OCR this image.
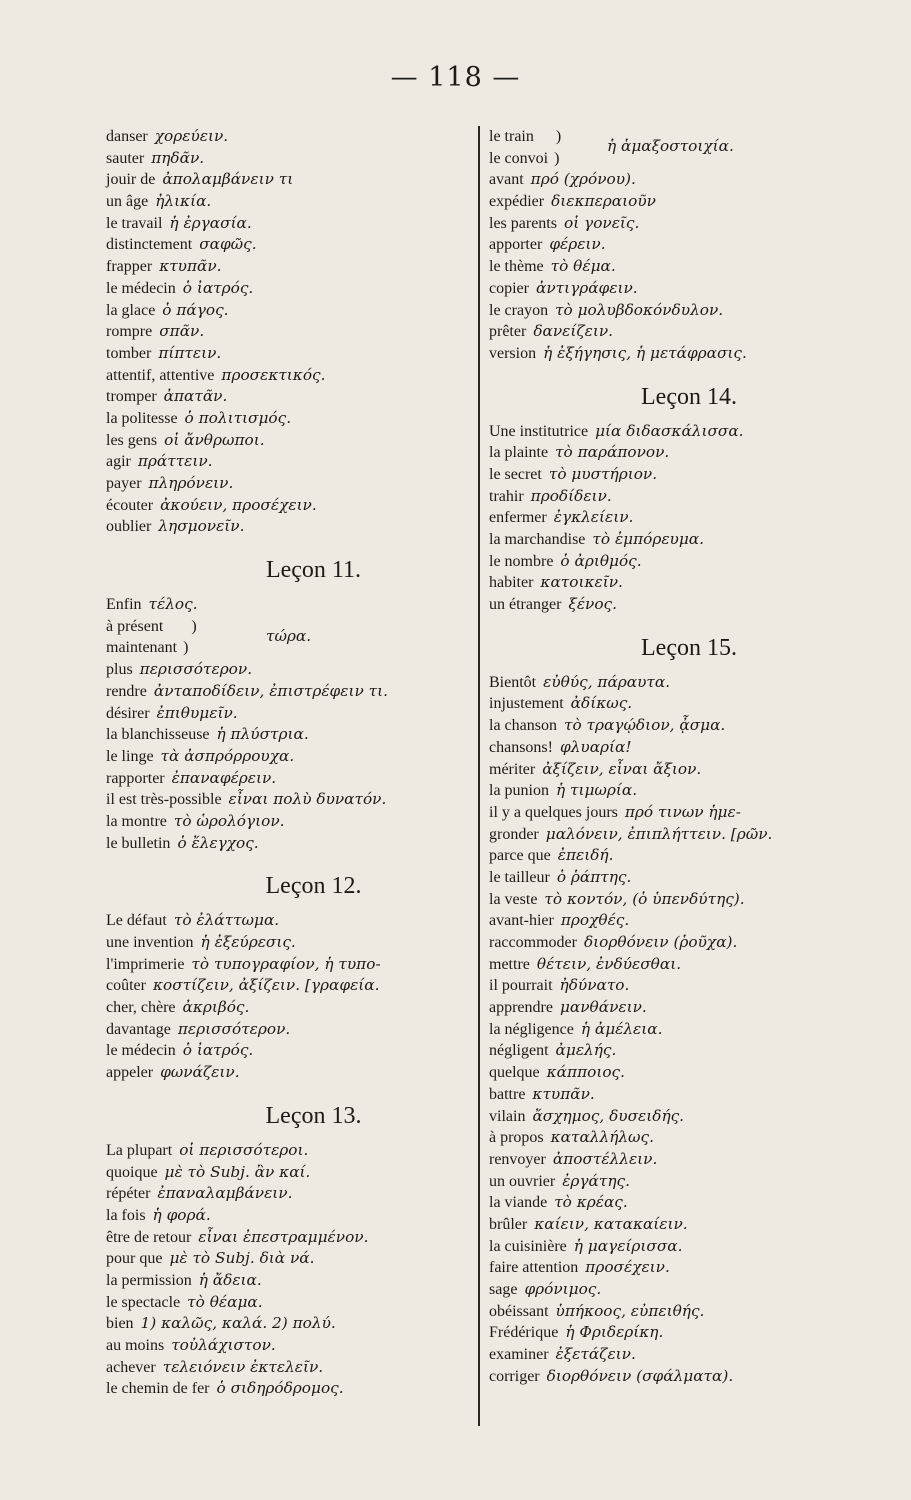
— 118 —
danser χορεύειν.
sauter πηδᾶν.
jouir de ἀπολαμβάνειν τι
un âge ἡλικία.
le travail ἡ ἐργασία.
distinctement σαφῶς.
frapper κτυπᾶν.
le médecin ὁ ἰατρός.
la glace ὁ πάγος.
rompre σπᾶν.
tomber πίπτειν.
attentif, attentive προσεκτικός.
tromper ἀπατᾶν.
la politesse ὁ πολιτισμός.
les gens οἱ ἄνθρωποι.
agir πράττειν.
payer πληρόνειν.
écouter ἀκούειν, προσέχειν.
oublier λησμονεῖν.
Leçon 11.
Enfin τέλος.
à présent )
maintenant )
τώρα.
plus περισσότερον.
rendre ἀνταποδίδειν, ἐπιστρέφειν τι.
désirer ἐπιθυμεῖν.
la blanchisseuse ἡ πλύστρια.
le linge τὰ ἀσπρόρρουχα.
rapporter ἐπαναφέρειν.
il est très-possible εἶναι πολὺ δυνατόν.
la montre τὸ ὡρολόγιον.
le bulletin ὁ ἔλεγχος.
Leçon 12.
Le défaut τὸ ἐλάττωμα.
une invention ἡ ἐξεύρεσις.
l'imprimerie τὸ τυπογραφίον, ἡ τυπο-
coûter κοστίζειν, ἀξίζειν. [γραφεία.
cher, chère ἀκριβός.
davantage περισσότερον.
le médecin ὁ ἰατρός.
appeler φωνάζειν.
Leçon 13.
La plupart οἱ περισσότεροι.
quoique μὲ τὸ Subj. ἂν καί.
répéter ἐπαναλαμβάνειν.
la fois ἡ φορά.
être de retour εἶναι ἐπεστραμμένον.
pour que μὲ τὸ Subj. διὰ νά.
la permission ἡ ἄδεια.
le spectacle τὸ θέαμα.
bien 1) καλῶς, καλά. 2) πολύ.
au moins τοὐλάχιστον.
achever τελειόνειν ἐκτελεῖν.
le chemin de fer ὁ σιδηρόδρομος.
le train )
le convoi )
ἡ ἁμαξοστοιχία.
avant πρό (χρόνου).
expédier διεκπεραιοῦν
les parents οἱ γονεῖς.
apporter φέρειν.
le thème τὸ θέμα.
copier ἀντιγράφειν.
le crayon τὸ μολυβδοκόνδυλον.
prêter δανείζειν.
version ἡ ἐξήγησις, ἡ μετάφρασις.
Leçon 14.
Une institutrice μία διδασκάλισσα.
la plainte τὸ παράπονον.
le secret τὸ μυστήριον.
trahir προδίδειν.
enfermer ἐγκλείειν.
la marchandise τὸ ἐμπόρευμα.
le nombre ὁ ἀριθμός.
habiter κατοικεῖν.
un étranger ξένος.
Leçon 15.
Bientôt εὐθύς, πάραυτα.
injustement ἀδίκως.
la chanson τὸ τραγῴδιον, ᾆσμα.
chansons! φλυαρία!
mériter ἀξίζειν, εἶναι ἄξιον.
la punion ἡ τιμωρία.
il y a quelques jours πρό τινων ἡμε-
gronder μαλόνειν, ἐπιπλήττειν. [ρῶν.
parce que ἐπειδή.
le tailleur ὁ ῥάπτης.
la veste τὸ κοντόν, (ὁ ὑπενδύτης).
avant-hier προχθές.
raccommoder διορθόνειν (ῥοῦχα).
mettre θέτειν, ἐνδύεσθαι.
il pourrait ἠδύνατο.
apprendre μανθάνειν.
la négligence ἡ ἀμέλεια.
négligent ἀμελής.
quelque κάπποιος.
battre κτυπᾶν.
vilain ἄσχημος, δυσειδής.
à propos καταλλήλως.
renvoyer ἀποστέλλειν.
un ouvrier ἐργάτης.
la viande τὸ κρέας.
brûler καίειν, κατακαίειν.
la cuisinière ἡ μαγείρισσα.
faire attention προσέχειν.
sage φρόνιμος.
obéissant ὑπήκοος, εὐπειθής.
Frédérique ἡ Φριδερίκη.
examiner ἐξετάζειν.
corriger διορθόνειν (σφάλματα).
